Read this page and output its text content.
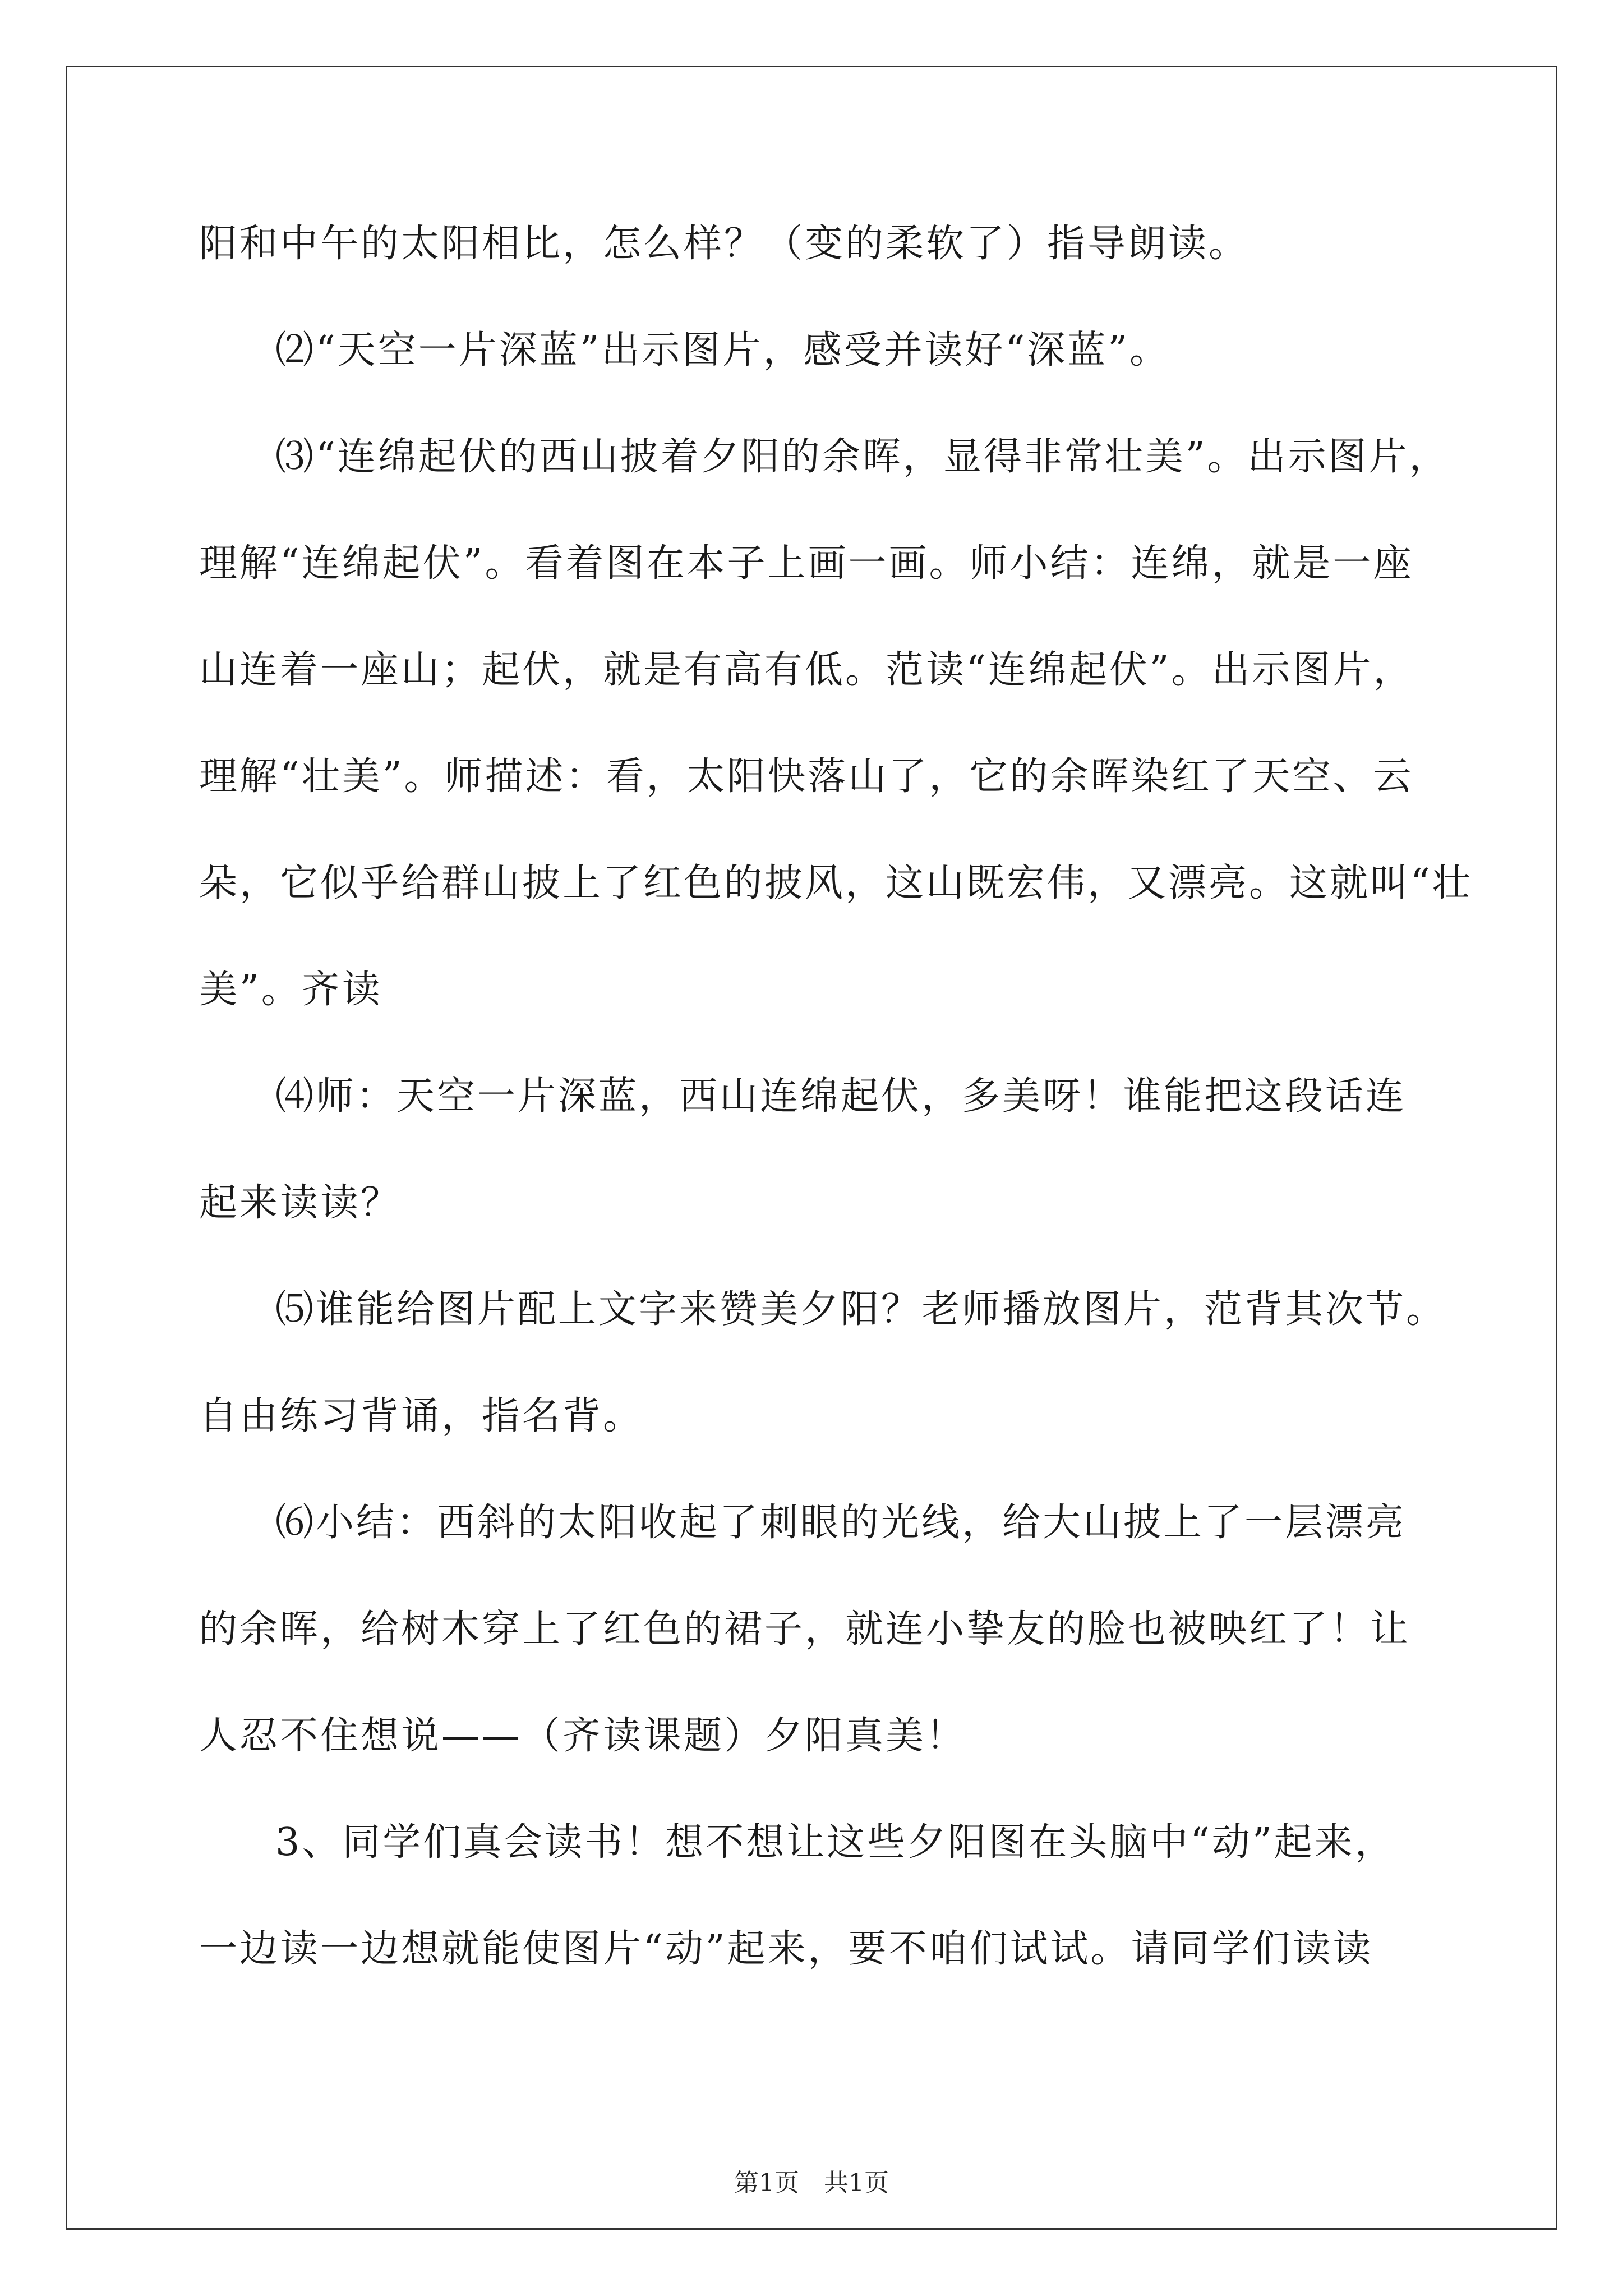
阳和中午的太阳相比，怎么样？（变的柔软了）指导朗读。

⑵“天空一片深蓝”出示图片，感受并读好“深蓝”。

⑶“连绵起伏的西山披着夕阳的余晖，显得非常壮美”。出示图片，

理解“连绵起伏”。看着图在本子上画一画。师小结：连绵，就是一座

山连着一座山；起伏，就是有高有低。范读“连绵起伏”。出示图片，

理解“壮美”。师描述：看，太阳快落山了，它的余晖染红了天空、云

朵，它似乎给群山披上了红色的披风，这山既宏伟，又漂亮。这就叫“壮

美”。齐读

⑷师：天空一片深蓝，西山连绵起伏，多美呀！谁能把这段话连

起来读读？

⑸谁能给图片配上文字来赞美夕阳？老师播放图片，范背其次节。

自由练习背诵，指名背。

⑹小结：西斜的太阳收起了刺眼的光线，给大山披上了一层漂亮

的余晖，给树木穿上了红色的裙子，就连小挚友的脸也被映红了！让

人忍不住想说——（齐读课题）夕阳真美！

3、同学们真会读书！想不想让这些夕阳图在头脑中“动”起来，

一边读一边想就能使图片“动”起来，要不咱们试试。请同学们读读

第1页　共1页
